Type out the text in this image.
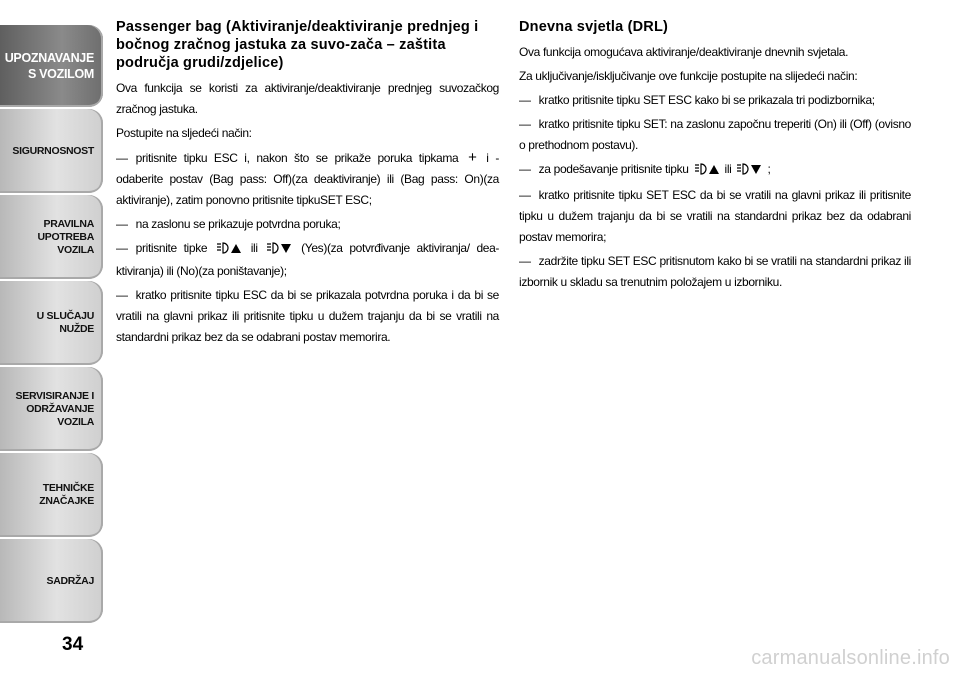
UPOZNAVANJE
S VOZILOM
SIGURNOSNOST
PRAVILNA
UPOTREBA
VOZILA
U SLUČAJU
NUŽDE
SERVISIRANJE I
ODRŽAVANJE
VOZILA
TEHNIČKE
ZNAČAJKE
SADRŽAJ
34
Passenger bag (Aktiviranje/deaktiviranje prednjeg i bočnog zračnog jastuka za suvo-zača – zaštita područja grudi/zdjelice)
Ova funkcija se koristi za aktiviranje/deaktiviranje prednjeg suvozačkog zračnog jastuka.
Postupite na sljedeći način:
— pritisnite tipku ESC i, nakon što se prikaže poruka tipkama + i - odaberite postav (Bag pass: Off)(za deaktiviranje) ili (Bag pass: On)(za aktiviranje), zatim ponovno pritisnite tipkuSET ESC;
— na zaslonu se prikazuje potvrdna poruka;
— pritisnite tipke	ili	(Yes)(za potvrđivanje aktiviranja/ dea-ktiviranja) ili (No)(za poništavanje);
— kratko pritisnite tipku ESC da bi se prikazala potvrdna poruka i da bi se vratili na glavni prikaz ili pritisnite tipku u dužem trajanju da bi se vratili na standardni prikaz bez da se odabrani postav memorira.
Dnevna svjetla (DRL)
Ova funkcija omogućava aktiviranje/deaktiviranje dnevnih svjetala.
Za uključivanje/isključivanje ove funkcije postupite na slijedeći način:
— kratko pritisnite tipku SET ESC kako bi se prikazala tri podizbornika;
— kratko pritisnite tipku SET: na zaslonu započnu treperiti (On) ili (Off) (ovisno o prethodnom postavu).
— za podešavanje pritisnite tipku	ili	;
— kratko pritisnite tipku SET ESC da bi se vratili na glavni prikaz ili pritisnite tipku u dužem trajanju da bi se vratili na standardni prikaz bez da odabrani postav memorira;
— zadržite tipku SET ESC pritisnutom kako bi se vratili na standardni prikaz ili izbornik u skladu sa trenutnim položajem u izborniku.
carmanualsonline.info
